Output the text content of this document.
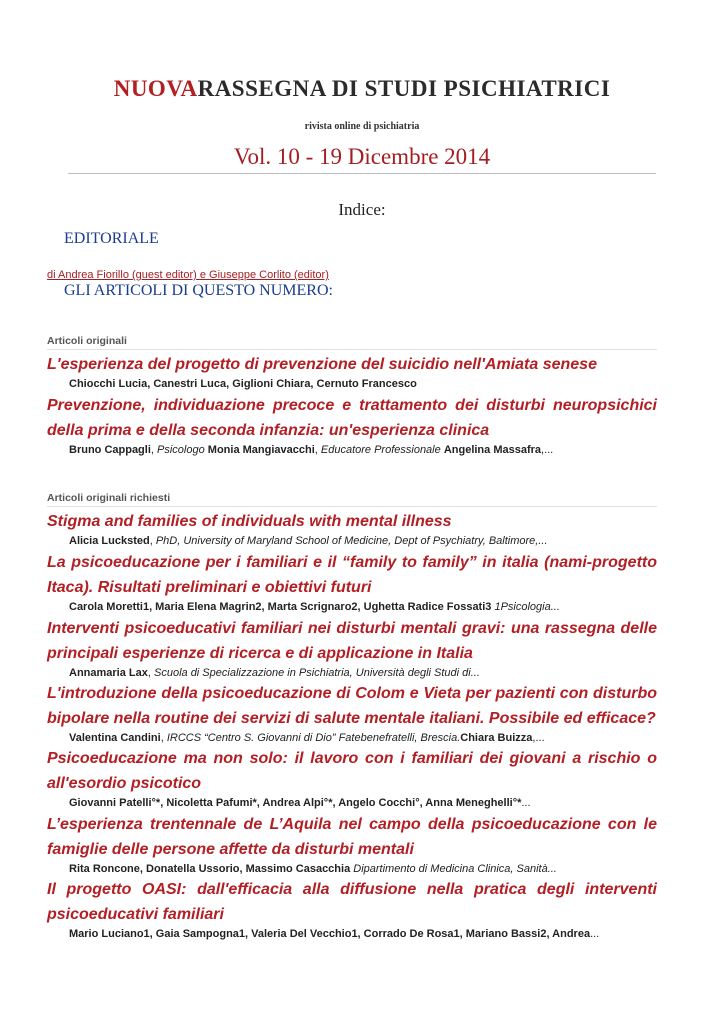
NUOVARASSEGNA DI STUDI PSICHIATRICI
rivista online di psichiatria
Vol. 10 - 19 Dicembre 2014
Indice:
EDITORIALE
di Andrea Fiorillo (guest editor) e Giuseppe Corlito (editor)
GLI ARTICOLI DI QUESTO NUMERO:
Articoli originali
L'esperienza del progetto di prevenzione del suicidio nell'Amiata senese
Chiocchi Lucia, Canestri Luca, Giglioni Chiara, Cernuto Francesco
Prevenzione, individuazione precoce e trattamento dei disturbi neuropsichici della prima e della seconda infanzia: un'esperienza clinica
Bruno Cappagli, Psicologo Monia Mangiavacchi, Educatore Professionale Angelina Massafra,...
Articoli originali richiesti
Stigma and families of individuals with mental illness
Alicia Lucksted, PhD, University of Maryland School of Medicine, Dept of Psychiatry, Baltimore,...
La psicoeducazione per i familiari e il “family to family” in italia (nami-progetto Itaca). Risultati preliminari e obiettivi futuri
Carola Moretti1, Maria Elena Magrin2, Marta Scrignaro2, Ughetta Radice Fossati3 1Psicologia...
Interventi psicoeducativi familiari nei disturbi mentali gravi: una rassegna delle principali esperienze di ricerca e di applicazione in Italia
Annamaria Lax, Scuola di Specializzazione in Psichiatria, Università degli Studi di...
L'introduzione della psicoeducazione di Colom e Vieta per pazienti con disturbo bipolare nella routine dei servizi di salute mentale italiani. Possibile ed efficace?
Valentina Candini, IRCCS “Centro S. Giovanni di Dio” Fatebenefratelli, Brescia.Chiara Buizza,...
Psicoeducazione ma non solo: il lavoro con i familiari dei giovani a rischio o all'esordio psicotico
Giovanni Patelli°*, Nicoletta Pafumi*, Andrea Alpi°*, Angelo Cocchi°, Anna Meneghelli°*...
L’esperienza trentennale de L’Aquila nel campo della psicoeducazione con le famiglie delle persone affette da disturbi mentali
Rita Roncone, Donatella Ussorio, Massimo Casacchia Dipartimento di Medicina Clinica, Sanità...
Il progetto OASI: dall'efficacia alla diffusione nella pratica degli interventi psicoeducativi familiari
Mario Luciano1, Gaia Sampogna1, Valeria Del Vecchio1, Corrado De Rosa1, Mariano Bassi2, Andrea...
